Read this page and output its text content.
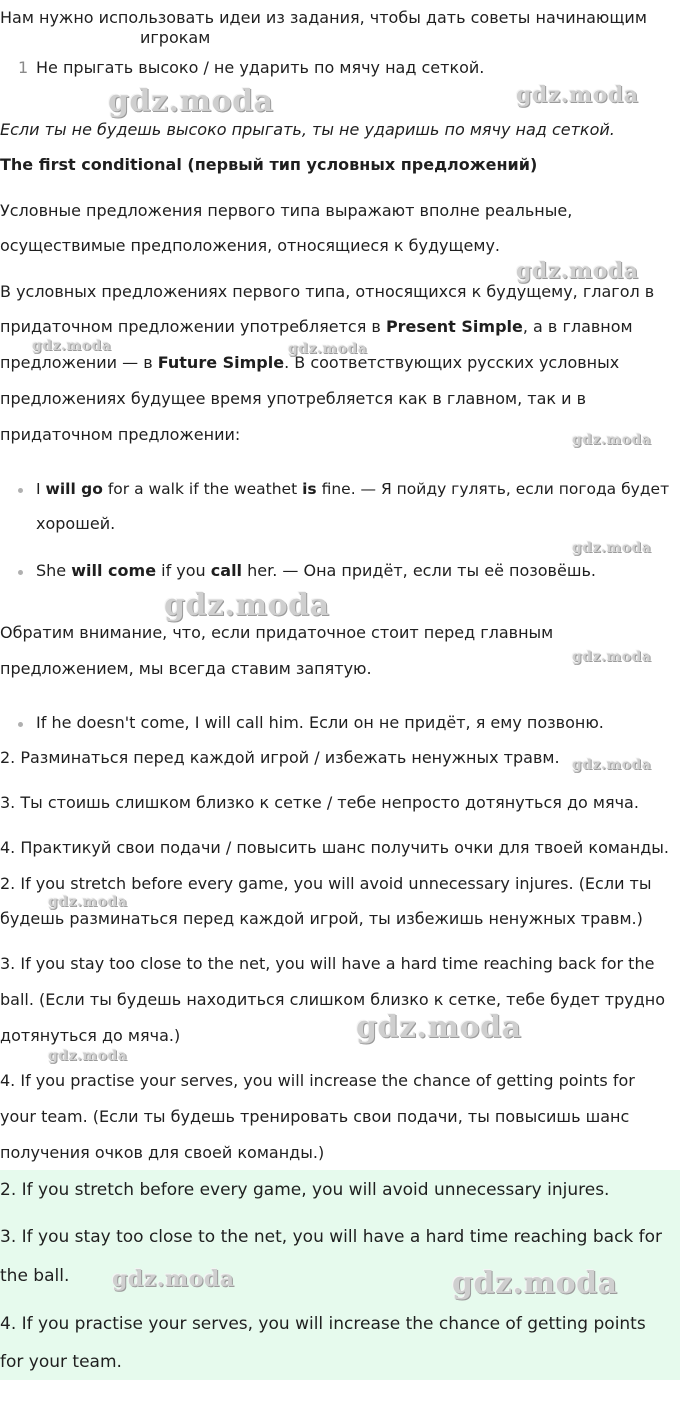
Нам нужно использовать идеи из задания, чтобы дать советы начинающим
игрокам
1 Не прыгать высоко / не ударить по мячу над сеткой.
Если ты не будешь высоко прыгать, ты не ударишь по мячу над сеткой.
The first conditional (первый тип условных предложений)
Условные предложения первого типа выражают вполне реальные,
осуществимые предположения, относящиеся к будущему.
В условных предложениях первого типа, относящихся к будущему, глагол в
придаточном предложении употребляется в Present Simple, а в главном
предложении — в Future Simple. В соответствующих русских условных
предложениях будущее время употребляется как в главном, так и в
придаточном предложении:
I will go for a walk if the weathet is fine. — Я пойду гулять, если погода будет
хорошей.
She will come if you call her. — Она придёт, если ты её позовёшь.
Обратим внимание, что, если придаточное стоит перед главным
предложением, мы всегда ставим запятую.
If he doesn't come, I will call him. Если он не придёт, я ему позвоню.
2. Разминаться перед каждой игрой / избежать ненужных травм.
3. Ты стоишь слишком близко к сетке / тебе непросто дотянуться до мяча.
4. Практикуй свои подачи / повысить шанс получить очки для твоей команды.
2. If you stretch before every game, you will avoid unnecessary injures. (Если ты
будешь разминаться перед каждой игрой, ты избежишь ненужных травм.)
3. If you stay too close to the net, you will have a hard time reaching back for the
ball. (Если ты будешь находиться слишком близко к сетке, тебе будет трудно
дотянуться до мяча.)
4. If you practise your serves, you will increase the chance of getting points for
your team. (Если ты будешь тренировать свои подачи, ты повысишь шанс
получения очков для своей команды.)
2. If you stretch before every game, you will avoid unnecessary injures.
3. If you stay too close to the net, you will have a hard time reaching back for
the ball.
4. If you practise your serves, you will increase the chance of getting points
for your team.
gdz.moda	gdz.moda
gdz.moda
gdz.moda	gdz.moda
gdz.moda
gdz.moda
gdz.moda
gdz.moda
gdz.moda
gdz.moda
gdz.moda
gdz.moda
gdz.moda	gdz.moda
